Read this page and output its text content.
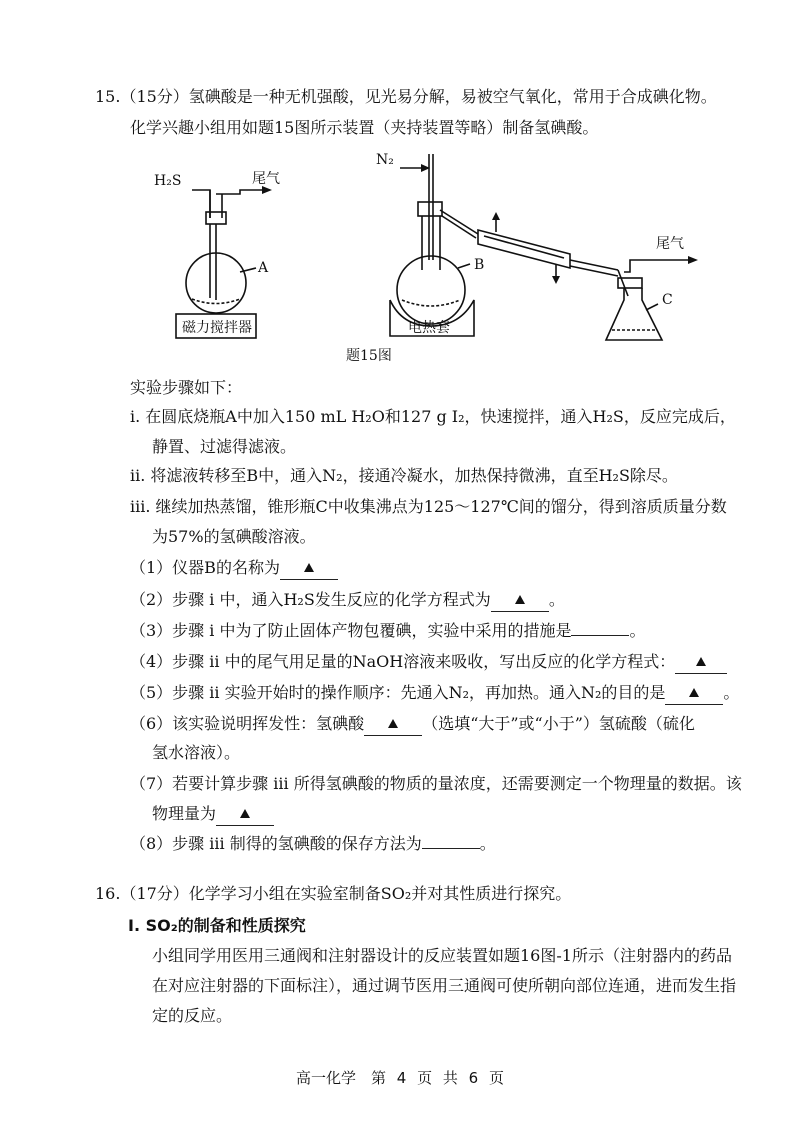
15.（15分）氢碘酸是一种无机强酸，见光易分解，易被空气氧化，常用于合成碘化物。
化学兴趣小组用如题15图所示装置（夹持装置等略）制备氢碘酸。
H₂S	尾气
N₂
尾气
A	B
C
磁力搅拌器	电热套
题15图
实验步骤如下：
i. 在圆底烧瓶A中加入150 mL H₂O和127 g I₂，快速搅拌，通入H₂S，反应完成后，
静置、过滤得滤液。
ii. 将滤液转移至B中，通入N₂，接通冷凝水，加热保持微沸，直至H₂S除尽。
iii. 继续加热蒸馏，锥形瓶C中收集沸点为125～127℃间的馏分，得到溶质质量分数
为57%的氢碘酸溶液。
（1）仪器B的名称为
（2）步骤 i 中，通入H₂S发生反应的化学方程式为	。
（3）步骤 i 中为了防止固体产物包覆碘，实验中采用的措施是	。
（4）步骤 ii 中的尾气用足量的NaOH溶液来吸收，写出反应的化学方程式：
（5）步骤 ii 实验开始时的操作顺序：先通入N₂，再加热。通入N₂的目的是	。
（6）该实验说明挥发性：氢碘酸	（选填“大于”或“小于”）氢硫酸（硫化
氢水溶液）。
（7）若要计算步骤 iii 所得氢碘酸的物质的量浓度，还需要测定一个物理量的数据。该
物理量为
（8）步骤 iii 制得的氢碘酸的保存方法为	。
16.（17分）化学学习小组在实验室制备SO₂并对其性质进行探究。
I. SO₂的制备和性质探究
小组同学用医用三通阀和注射器设计的反应装置如题16图-1所示（注射器内的药品
在对应注射器的下面标注），通过调节医用三通阀可使所朝向部位连通，进而发生指
定的反应。
高一化学　第 4 页 共 6 页
